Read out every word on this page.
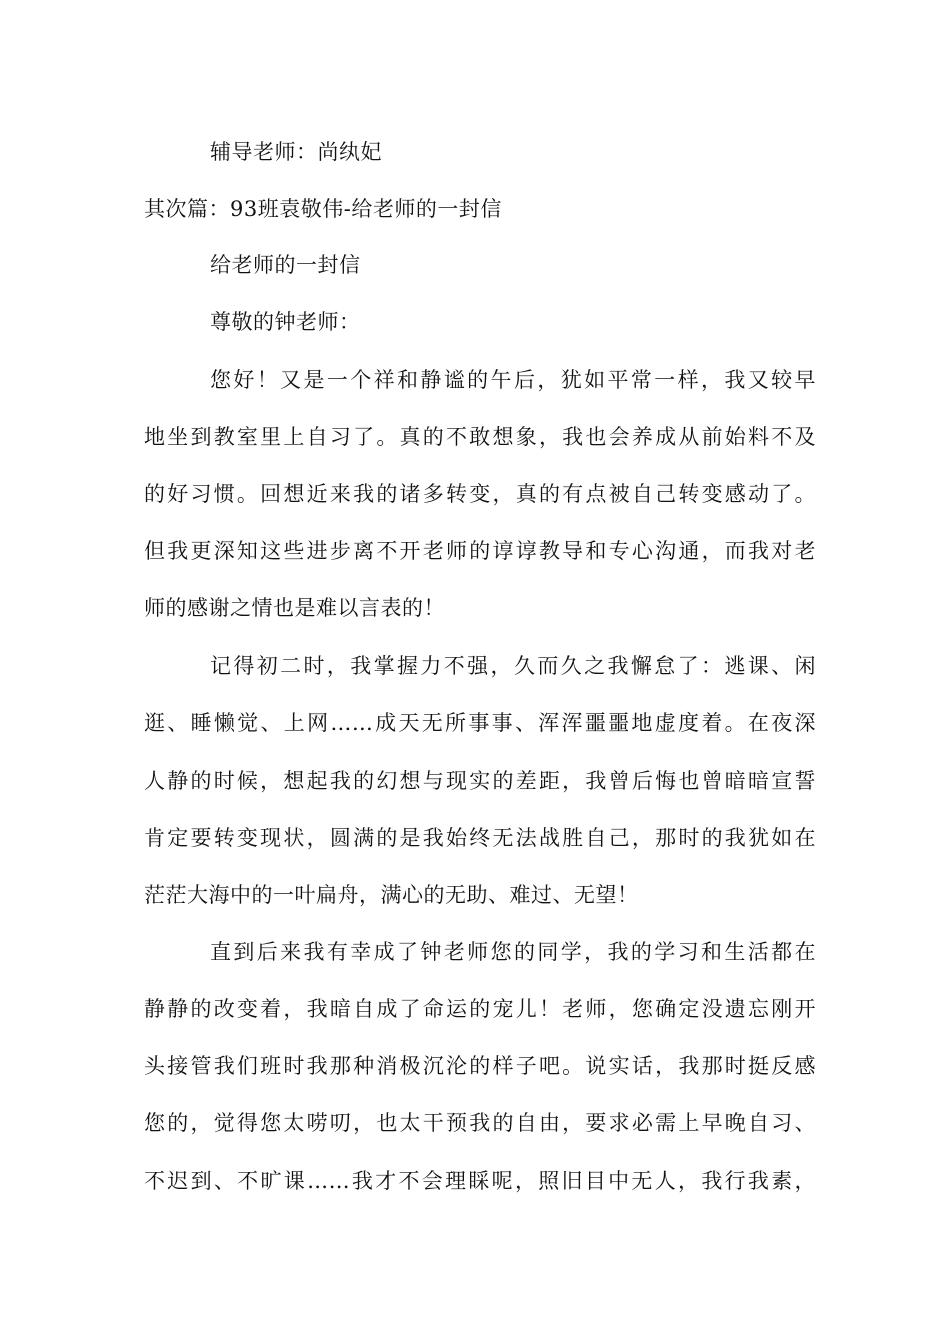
辅导老师：尚纨妃
其次篇：93班袁敬伟-给老师的一封信
给老师的一封信
尊敬的钟老师：
您好！又是一个祥和静谧的午后，犹如平常一样，我又较早
地坐到教室里上自习了。真的不敢想象，我也会养成从前始料不及
的好习惯。回想近来我的诸多转变，真的有点被自己转变感动了。
但我更深知这些进步离不开老师的谆谆教导和专心沟通，而我对老
师的感谢之情也是难以言表的！
记得初二时，我掌握力不强，久而久之我懈怠了：逃课、闲
逛、睡懒觉、上网……成天无所事事、浑浑噩噩地虚度着。在夜深
人静的时候，想起我的幻想与现实的差距，我曾后悔也曾暗暗宣誓
肯定要转变现状，圆满的是我始终无法战胜自己，那时的我犹如在
茫茫大海中的一叶扁舟，满心的无助、难过、无望！
直到后来我有幸成了钟老师您的同学，我的学习和生活都在
静静的改变着，我暗自成了命运的宠儿！老师，您确定没遗忘刚开
头接管我们班时我那种消极沉沦的样子吧。说实话，我那时挺反感
您的，觉得您太唠叨，也太干预我的自由，要求必需上早晚自习、
不迟到、不旷课……我才不会理睬呢，照旧目中无人，我行我素，
